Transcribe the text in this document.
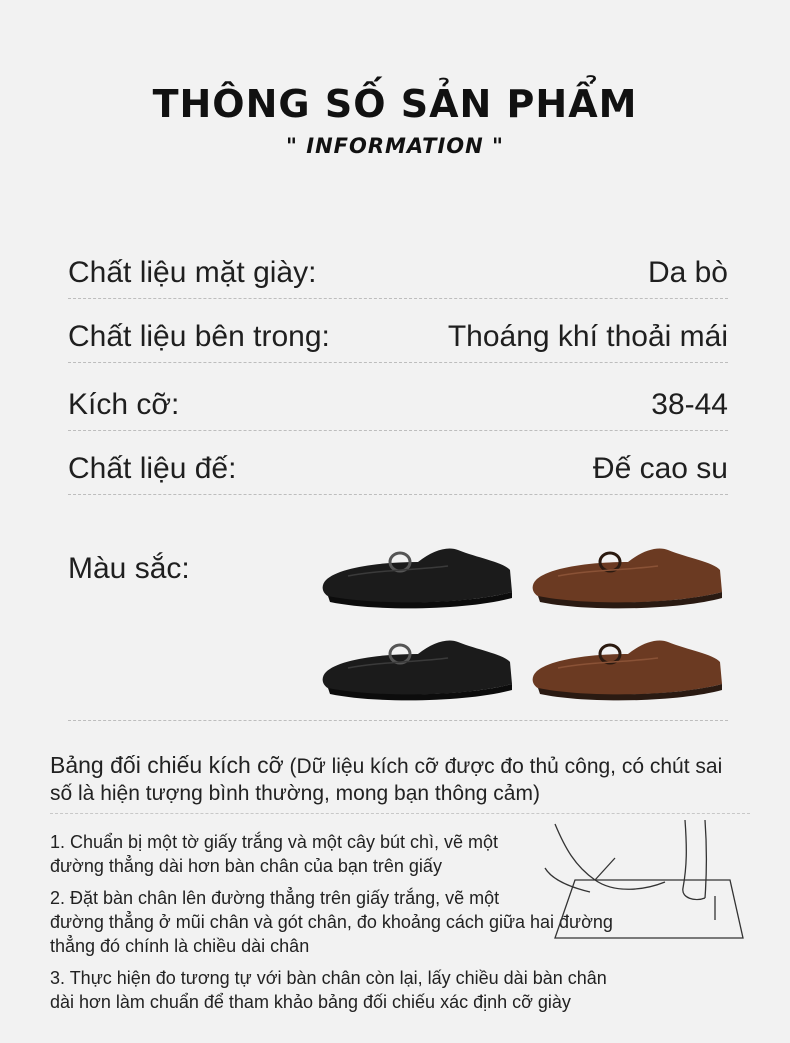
THÔNG SỐ SẢN PHẨM
" INFORMATION "
Chất liệu mặt giày:	Da bò
Chất liệu bên trong:	Thoáng khí thoải mái
Kích cỡ:	38-44
Chất liệu đế:	Đế cao su
Màu sắc:
Bảng đối chiếu kích cỡ (Dữ liệu kích cỡ được đo thủ công, có chút sai số là hiện tượng bình thường, mong bạn thông cảm)
1. Chuẩn bị một tờ giấy trắng và một cây bút chì, vẽ một
đường thẳng dài hơn bàn chân của bạn trên giấy
2. Đặt bàn chân lên đường thẳng trên giấy trắng, vẽ một
đường thẳng ở mũi chân và gót chân, đo khoảng cách giữa hai đường
thẳng đó chính là chiều dài chân
3. Thực hiện đo tương tự với bàn chân còn lại, lấy chiều dài bàn chân
dài hơn làm chuẩn để tham khảo bảng đối chiếu xác định cỡ giày
